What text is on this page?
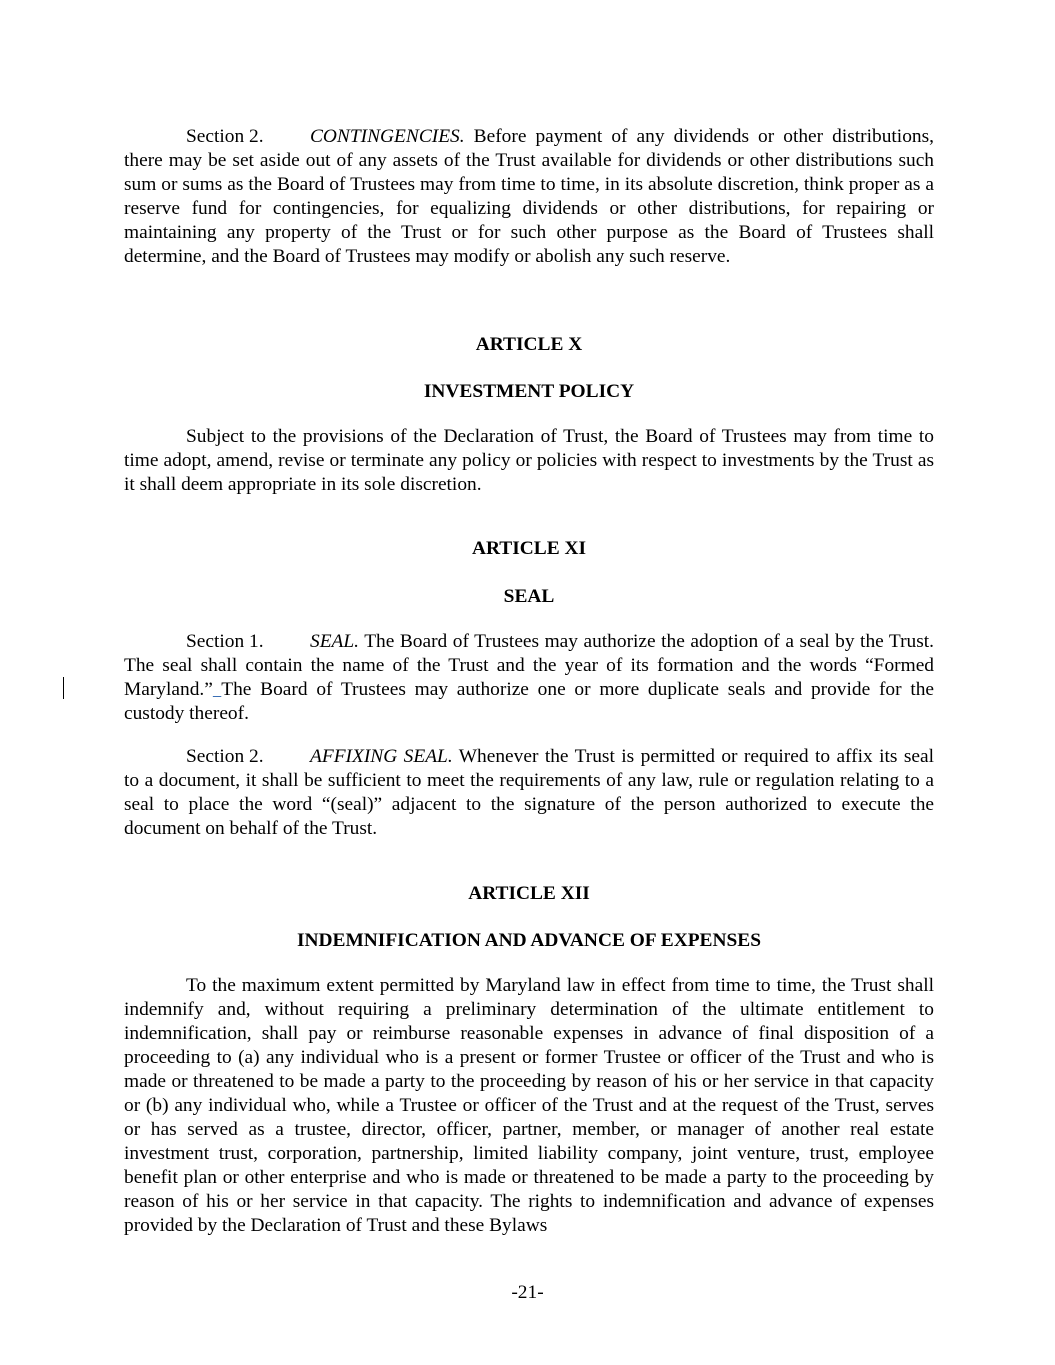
Section 2. CONTINGENCIES. Before payment of any dividends or other distributions, there may be set aside out of any assets of the Trust available for dividends or other distributions such sum or sums as the Board of Trustees may from time to time, in its absolute discretion, think proper as a reserve fund for contingencies, for equalizing dividends or other distributions, for repairing or maintaining any property of the Trust or for such other purpose as the Board of Trustees shall determine, and the Board of Trustees may modify or abolish any such reserve.

ARTICLE X
INVESTMENT POLICY

Subject to the provisions of the Declaration of Trust, the Board of Trustees may from time to time adopt, amend, revise or terminate any policy or policies with respect to investments by the Trust as it shall deem appropriate in its sole discretion.

ARTICLE XI
SEAL

Section 1. SEAL. The Board of Trustees may authorize the adoption of a seal by the Trust. The seal shall contain the name of the Trust and the year of its formation and the words “Formed Maryland.” The Board of Trustees may authorize one or more duplicate seals and provide for the custody thereof.

Section 2. AFFIXING SEAL. Whenever the Trust is permitted or required to affix its seal to a document, it shall be sufficient to meet the requirements of any law, rule or regulation relating to a seal to place the word “(seal)” adjacent to the signature of the person authorized to execute the document on behalf of the Trust.

ARTICLE XII
INDEMNIFICATION AND ADVANCE OF EXPENSES

To the maximum extent permitted by Maryland law in effect from time to time, the Trust shall indemnify and, without requiring a preliminary determination of the ultimate entitlement to indemnification, shall pay or reimburse reasonable expenses in advance of final disposition of a proceeding to (a) any individual who is a present or former Trustee or officer of the Trust and who is made or threatened to be made a party to the proceeding by reason of his or her service in that capacity or (b) any individual who, while a Trustee or officer of the Trust and at the request of the Trust, serves or has served as a trustee, director, officer, partner, member, or manager of another real estate investment trust, corporation, partnership, limited liability company, joint venture, trust, employee benefit plan or other enterprise and who is made or threatened to be made a party to the proceeding by reason of his or her service in that capacity. The rights to indemnification and advance of expenses provided by the Declaration of Trust and these Bylaws

-21-
